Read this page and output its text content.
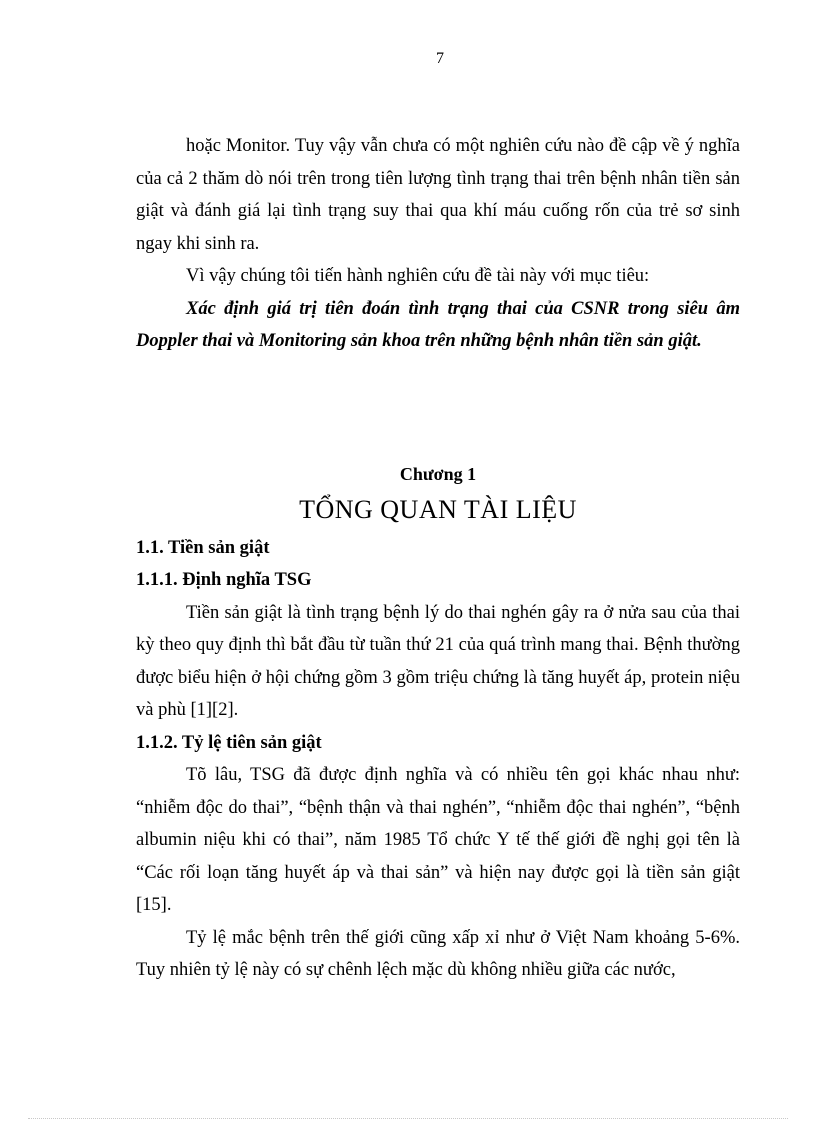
7

hoặc Monitor. Tuy vậy vẫn chưa có một nghiên cứu nào đề cập về ý nghĩa của cả 2 thăm dò nói trên trong tiên lượng tình trạng thai trên bệnh nhân tiền sản giật và đánh giá lại tình trạng suy thai qua khí máu cuống rốn của trẻ sơ sinh ngay khi sinh ra.

Vì vậy chúng tôi tiến hành nghiên cứu đề tài này với mục tiêu:

Xác định giá trị tiên đoán tình trạng thai của CSNR trong siêu âm Doppler thai và Monitoring sản khoa trên những bệnh nhân tiền sản giật.

Chương 1
TỔNG QUAN TÀI LIỆU

1.1. Tiền sản giật

1.1.1. Định nghĩa TSG

Tiền sản giật là tình trạng bệnh lý do thai nghén gây ra ở nửa sau của thai kỳ theo quy định thì bắt đầu từ tuần thứ 21 của quá trình mang thai. Bệnh thường được biểu hiện ở hội chứng gồm 3 gồm triệu chứng là tăng huyết áp, protein niệu và phù [1][2].

1.1.2. Tỷ lệ tiên sản giật

Tõ lâu, TSG đã được định nghĩa và có nhiều tên gọi khác nhau như: “nhiễm độc do thai”, “bệnh thận và thai nghén”, “nhiễm độc thai nghén”, “bệnh albumin niệu khi có thai”, năm 1985 Tổ chức Y tế thế giới đề nghị gọi tên là “Các rối loạn tăng huyết áp và thai sản” và hiện nay được gọi là tiền sản giật [15].

Tỷ lệ mắc bệnh trên thế giới cũng xấp xỉ như ở Việt Nam khoảng 5-6%. Tuy nhiên tỷ lệ này có sự chênh lệch mặc dù không nhiều giữa các nước,
